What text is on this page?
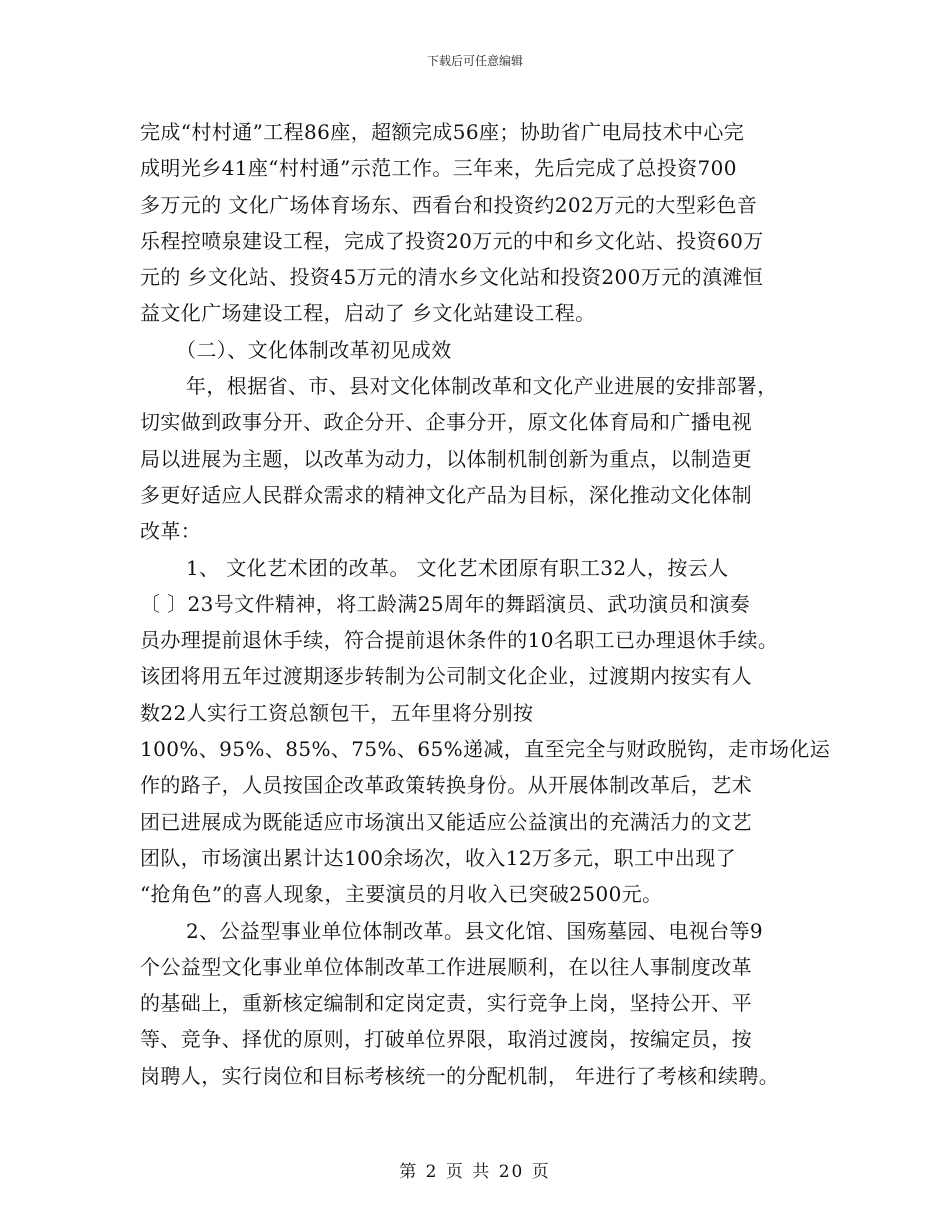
下载后可任意编辑
完成“村村通”工程86座，超额完成56座；协助省广电局技术中心完
成明光乡41座“村村通”示范工作。三年来，先后完成了总投资700
多万元的 文化广场体育场东、西看台和投资约202万元的大型彩色音
乐程控喷泉建设工程，完成了投资20万元的中和乡文化站、投资60万
元的 乡文化站、投资45万元的清水乡文化站和投资200万元的滇滩恒
益文化广场建设工程，启动了 乡文化站建设工程。
（二）、文化体制改革初见成效
年，根据省、市、县对文化体制改革和文化产业进展的安排部署，
切实做到政事分开、政企分开、企事分开，原文化体育局和广播电视
局以进展为主题，以改革为动力，以体制机制创新为重点，以制造更
多更好适应人民群众需求的精神文化产品为目标，深化推动文化体制
改革：
1、 文化艺术团的改革。 文化艺术团原有职工32人，按云人
〔 〕23号文件精神，将工龄满25周年的舞蹈演员、武功演员和演奏
员办理提前退休手续，符合提前退休条件的10名职工已办理退休手续。
该团将用五年过渡期逐步转制为公司制文化企业，过渡期内按实有人
数22人实行工资总额包干，五年里将分别按
100%、95%、85%、75%、65%递减，直至完全与财政脱钩，走市场化运
作的路子，人员按国企改革政策转换身份。从开展体制改革后，艺术
团已进展成为既能适应市场演出又能适应公益演出的充满活力的文艺
团队，市场演出累计达100余场次，收入12万多元，职工中出现了
“抢角色”的喜人现象，主要演员的月收入已突破2500元。
2、公益型事业单位体制改革。县文化馆、国殇墓园、电视台等9
个公益型文化事业单位体制改革工作进展顺利，在以往人事制度改革
的基础上，重新核定编制和定岗定责，实行竞争上岗，坚持公开、平
等、竞争、择优的原则，打破单位界限，取消过渡岗，按编定员，按
岗聘人，实行岗位和目标考核统一的分配机制， 年进行了考核和续聘。
第 2 页 共 20 页
